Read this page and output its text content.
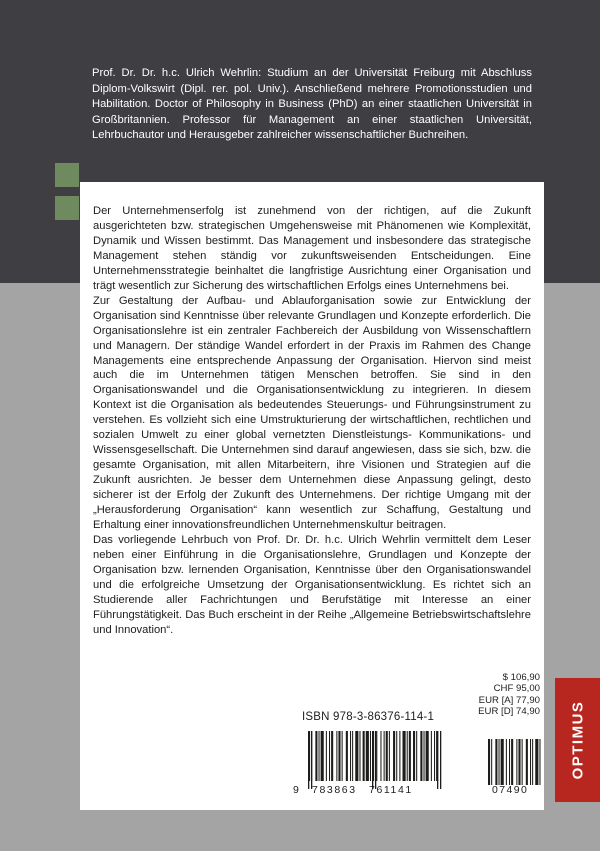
Prof. Dr. Dr. h.c. Ulrich Wehrlin: Studium an der Universität Freiburg mit Abschluss Diplom-Volkswirt (Dipl. rer. pol. Univ.). Anschließend mehrere Promotionsstudien und Habilitation. Doctor of Philosophy in Business (PhD) an einer staatlichen Universität in Großbritannien. Professor für Management an einer staatlichen Universität, Lehrbuchautor und Herausgeber zahlreicher wissenschaftlicher Buchreihen.

Der Unternehmenserfolg ist zunehmend von der richtigen, auf die Zukunft ausgerichteten bzw. strategischen Umgehensweise mit Phänomenen wie Komplexität, Dynamik und Wissen bestimmt. Das Management und insbesondere das strategische Management stehen ständig vor zukunftsweisenden Entscheidungen. Eine Unternehmensstrategie beinhaltet die langfristige Ausrichtung einer Organisation und trägt wesentlich zur Sicherung des wirtschaftlichen Erfolgs eines Unternehmens bei.

Zur Gestaltung der Aufbau- und Ablauforganisation sowie zur Entwicklung der Organisation sind Kenntnisse über relevante Grundlagen und Konzepte erforderlich. Die Organisationslehre ist ein zentraler Fachbereich der Ausbildung von Wissenschaftlern und Managern. Der ständige Wandel erfordert in der Praxis im Rahmen des Change Managements eine entsprechende Anpassung der Organisation. Hiervon sind meist auch die im Unternehmen tätigen Menschen betroffen. Sie sind in den Organisationswandel und die Organisationsentwicklung zu integrieren. In diesem Kontext ist die Organisation als bedeutendes Steuerungs- und Führungsinstrument zu verstehen. Es vollzieht sich eine Umstrukturierung der wirtschaftlichen, rechtlichen und sozialen Umwelt zu einer global vernetzten Dienstleistungs- Kommunikations- und Wissensgesellschaft. Die Unternehmen sind darauf angewiesen, dass sie sich, bzw. die gesamte Organisation, mit allen Mitarbeitern, ihre Visionen und Strategien auf die Zukunft ausrichten. Je besser dem Unternehmen diese Anpassung gelingt, desto sicherer ist der Erfolg der Zukunft des Unternehmens. Der richtige Umgang mit der „Herausforderung Organisation“ kann wesentlich zur Schaffung, Gestaltung und Erhaltung einer innovationsfreundlichen Unternehmenskultur beitragen.

Das vorliegende Lehrbuch von Prof. Dr. Dr. h.c. Ulrich Wehrlin vermittelt dem Leser neben einer Einführung in die Organisationslehre, Grundlagen und Konzepte der Organisation bzw. lernenden Organisation, Kenntnisse über den Organisationswandel und die erfolgreiche Umsetzung der Organisationsentwicklung. Es richtet sich an Studierende aller Fachrichtungen und Berufstätige mit Interesse an einer Führungstätigkeit. Das Buch erscheint in der Reihe „Allgemeine Betriebswirtschaftslehre und Innovation“.

$ 106,90
CHF 95,00
EUR [A] 77,90
EUR [D] 74,90
ISBN 978-3-86376-114-1
9 783863 761141	07490
OPTIMUS
